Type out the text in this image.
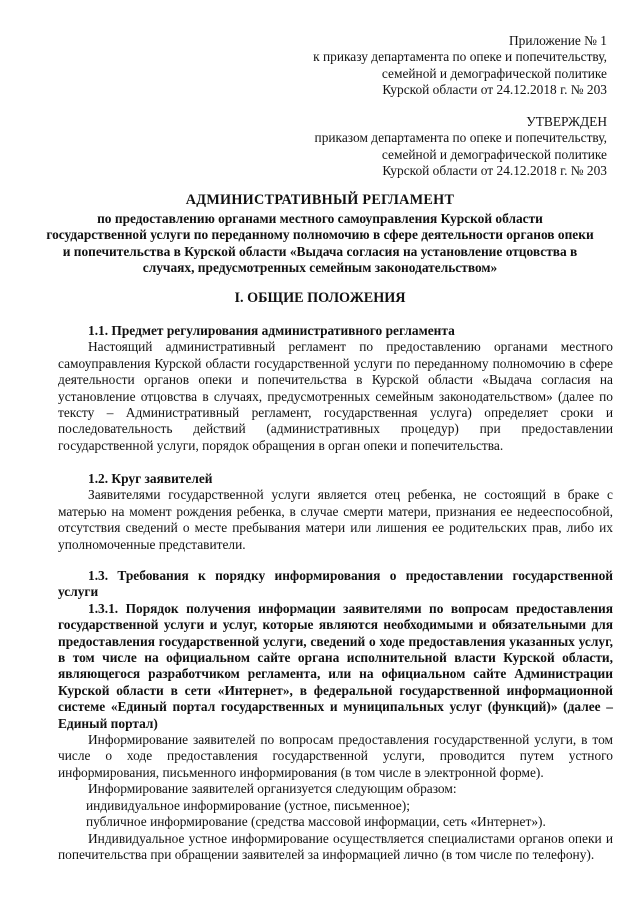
Приложение № 1
к приказу департамента по опеке и попечительству,
семейной и демографической политике
Курской области от 24.12.2018 г. № 203
УТВЕРЖДЕН
приказом департамента по опеке и попечительству,
семейной и демографической политике
Курской области от 24.12.2018 г. № 203
АДМИНИСТРАТИВНЫЙ РЕГЛАМЕНТ
по предоставлению органами местного самоуправления Курской области
государственной услуги по переданному полномочию в сфере деятельности органов опеки
и попечительства в Курской области «Выдача согласия на установление отцовства в
случаях, предусмотренных семейным законодательством»
I. ОБЩИЕ ПОЛОЖЕНИЯ
1.1. Предмет регулирования административного регламента
Настоящий административный регламент по предоставлению органами местного самоуправления Курской области государственной услуги по переданному полномочию в сфере деятельности органов опеки и попечительства в Курской области «Выдача согласия на установление отцовства в случаях, предусмотренных семейным законодательством» (далее по тексту – Административный регламент, государственная услуга) определяет сроки и последовательность действий (административных процедур) при предоставлении государственной услуги, порядок обращения в орган опеки и попечительства.
1.2. Круг заявителей
Заявителями государственной услуги является отец ребенка, не состоящий в браке с матерью на момент рождения ребенка, в случае смерти матери, признания ее недееспособной, отсутствия сведений о месте пребывания матери или лишения ее родительских прав, либо их уполномоченные представители.
1.3. Требования к порядку информирования о предоставлении государственной услуги
1.3.1. Порядок получения информации заявителями по вопросам предоставления государственной услуги и услуг, которые являются необходимыми и обязательными для предоставления государственной услуги, сведений о ходе предоставления указанных услуг, в том числе на официальном сайте органа исполнительной власти Курской области, являющегося разработчиком регламента, или на официальном сайте Администрации Курской области в сети «Интернет», в федеральной государственной информационной системе «Единый портал государственных и муниципальных услуг (функций)» (далее – Единый портал)
Информирование заявителей по вопросам предоставления государственной услуги, в том числе о ходе предоставления государственной услуги, проводится путем устного информирования, письменного информирования (в том числе в электронной форме).
Информирование заявителей организуется следующим образом:
индивидуальное информирование (устное, письменное);
публичное информирование (средства массовой информации, сеть «Интернет»).
Индивидуальное устное информирование осуществляется специалистами органов опеки и попечительства при обращении заявителей за информацией лично (в том числе по телефону).
